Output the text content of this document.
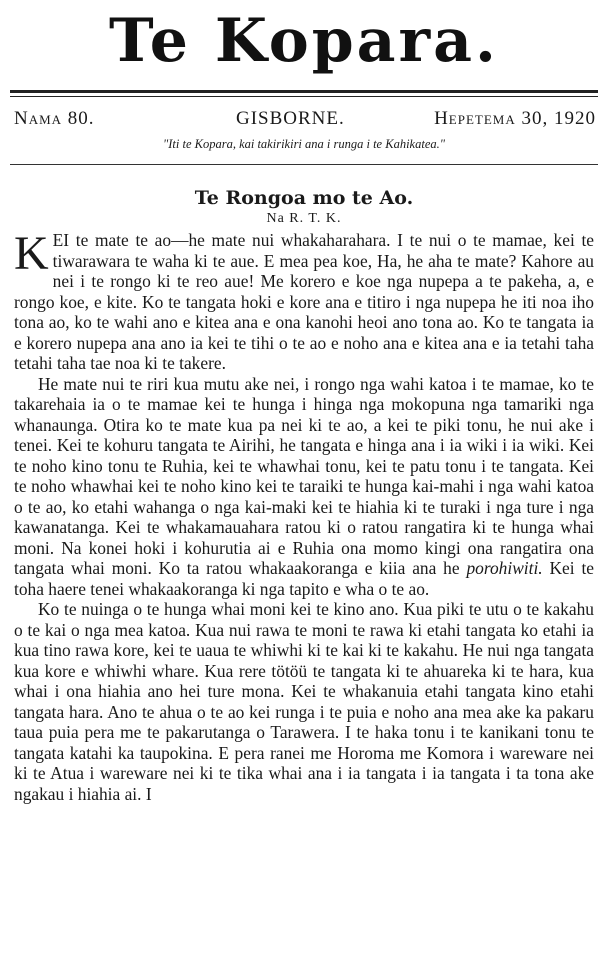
Te Kopara.
Nama 80.	GISBORNE.	Hepetema 30, 1920
"Iti te Kopara, kai takirikiri ana i runga i te Kahikatea."
Te Rongoa mo te Ao.
Na R. T. K.

KEI te mate te ao—he mate nui whakaharahara. I te nui o te mamae, kei te tiwarawara te waha ki te aue. E mea pea koe, Ha, he aha te mate? Kahore au nei i te rongo ki te reo aue! Me korero e koe nga nupepa a te pakeha, a, e rongo koe, e kite. Ko te tangata hoki e kore ana e titiro i nga nupepa he iti noa iho tona ao, ko te wahi ano e kitea ana e ona kanohi heoi ano tona ao. Ko te tangata ia e korero nupepa ana ano ia kei te tihi o te ao e noho ana e kitea ana e ia tetahi taha tetahi taha tae noa ki te takere.

He mate nui te riri kua mutu ake nei, i rongo nga wahi katoa i te mamae, ko te takarehaia ia o te mamae kei te hunga i hinga nga mokopuna nga tamariki nga whanaunga. Otira ko te mate kua pa nei ki te ao, a kei te piki tonu, he nui ake i tenei. Kei te kohuru tangata te Airihi, he tangata e hinga ana i ia wiki i ia wiki. Kei te noho kino tonu te Ruhia, kei te whawhai tonu, kei te patu tonu i te tangata. Kei te noho whawhai kei te noho kino kei te taraiki te hunga kai-mahi i nga wahi katoa o te ao, ko etahi wahanga o nga kai-maki kei te hiahia ki te turaki i nga ture i nga kawanatanga. Kei te whakamauahara ratou ki o ratou rangatira ki te hunga whai moni. Na konei hoki i kohurutia ai e Ruhia ona momo kingi ona rangatira ona tangata whai moni. Ko ta ratou whakaakoranga e kiia ana he porohiwiti. Kei te toha haere tenei whakaakoranga ki nga tapito e wha o te ao.

Ko te nuinga o te hunga whai moni kei te kino ano. Kua piki te utu o te kakahu o te kai o nga mea katoa. Kua nui rawa te moni te rawa ki etahi tangata ko etahi ia kua tino rawa kore, kei te uaua te whiwhi ki te kai ki te kakahu. He nui nga tangata kua kore e whiwhi whare. Kua rere tötöü te tangata ki te ahuareka ki te hara, kua whai i ona hiahia ano hei ture mona. Kei te whakanuia etahi tangata kino etahi tangata hara. Ano te ahua o te ao kei runga i te puia e noho ana mea ake ka pakaru taua puia pera me te pakarutanga o Tarawera. I te haka tonu i te kanikani tonu te tangata katahi ka taupokina. E pera ranei me Horoma me Komora i wareware nei ki te Atua i wareware nei ki te tika whai ana i ia tangata i ia tangata i ta tona ake ngakau i hiahia ai. I
